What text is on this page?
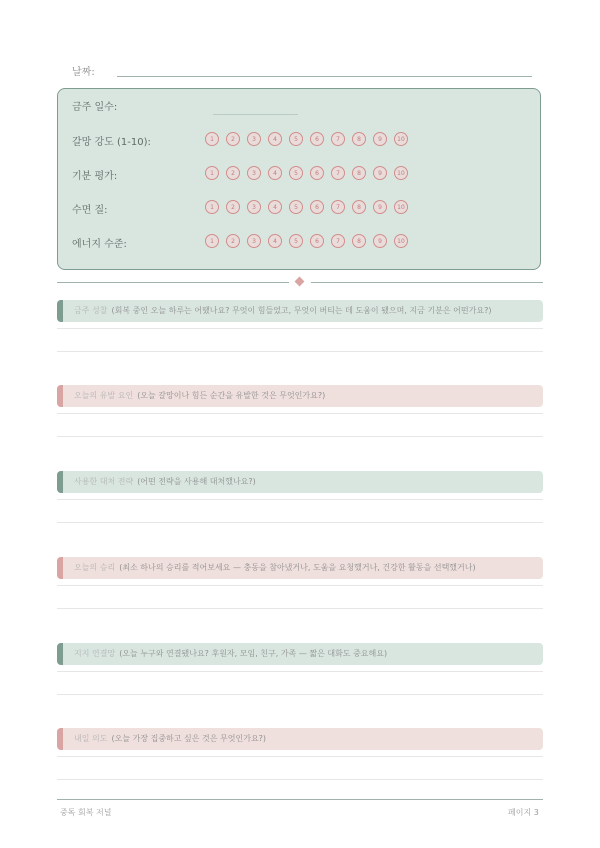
날짜:
금주 일수:
갈망 강도 (1-10):	1	2	3	4	5	6	7	8	9	10
기분 평가:	1	2	3	4	5	6	7	8	9	10
수면 질:	1	2	3	4	5	6	7	8	9	10
에너지 수준:	1	2	3	4	5	6	7	8	9	10
금주 성찰 (회복 중인 오늘 하루는 어땠나요? 무엇이 힘들었고, 무엇이 버티는 데 도움이 됐으며, 지금 기분은 어떤가요?)
오늘의 유발 요인 (오늘 갈망이나 힘든 순간을 유발한 것은 무엇인가요?)
사용한 대처 전략 (어떤 전략을 사용해 대처했나요?)
오늘의 승리 (최소 하나의 승리를 적어보세요 — 충동을 참아냈거나, 도움을 요청했거나, 건강한 활동을 선택했거나)
지지 연결망 (오늘 누구와 연결됐나요? 후원자, 모임, 친구, 가족 — 짧은 대화도 중요해요)
내일 의도 (오늘 가장 집중하고 싶은 것은 무엇인가요?)
중독 회복 저널	페이지 3
